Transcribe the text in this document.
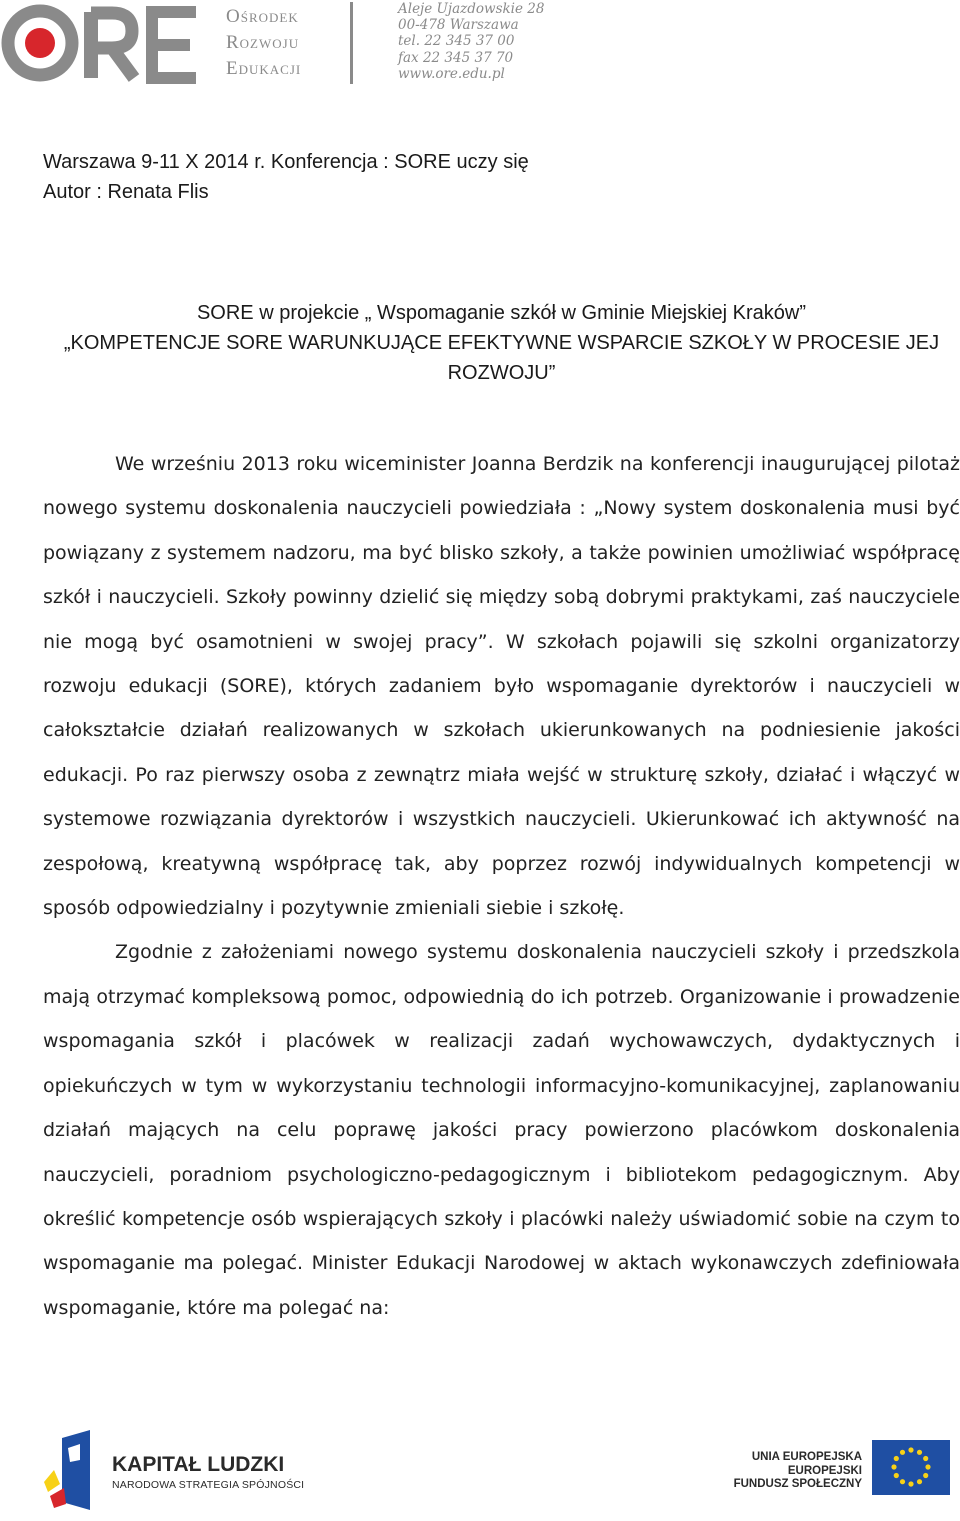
Ośrodek
Rozwoju
Edukacji
Aleje Ujazdowskie 28
00-478 Warszawa
tel. 22 345 37 00
fax 22 345 37 70
www.ore.edu.pl
Warszawa 9-11 X 2014 r. Konferencja : SORE uczy się
Autor : Renata Flis
SORE w projekcie „ Wspomaganie szkół w Gminie Miejskiej Kraków”
„KOMPETENCJE SORE WARUNKUJĄCE EFEKTYWNE WSPARCIE SZKOŁY W PROCESIE JEJ
ROZWOJU”

We wrześniu 2013 roku wiceminister Joanna Berdzik na konferencji inaugurującej pilotaż nowego systemu doskonalenia nauczycieli powiedziała : „Nowy system doskonalenia musi być powiązany z systemem nadzoru, ma być blisko szkoły, a także powinien umożliwiać współpracę szkół i nauczycieli. Szkoły powinny dzielić się między sobą dobrymi praktykami, zaś nauczyciele nie mogą być osamotnieni w swojej pracy”. W szkołach pojawili się szkolni organizatorzy rozwoju edukacji (SORE), których zadaniem było wspomaganie dyrektorów i nauczycieli w całokształcie działań realizowanych w szkołach ukierunkowanych na podniesienie jakości edukacji. Po raz pierwszy osoba z zewnątrz miała wejść w strukturę szkoły, działać i włączyć w systemowe rozwiązania dyrektorów i wszystkich nauczycieli. Ukierunkować ich aktywność na zespołową, kreatywną współpracę tak, aby poprzez rozwój indywidualnych kompetencji w sposób odpowiedzialny i pozytywnie zmieniali siebie i szkołę.

Zgodnie z założeniami nowego systemu doskonalenia nauczycieli szkoły i przedszkola mają otrzymać kompleksową pomoc, odpowiednią do ich potrzeb. Organizowanie i prowadzenie wspomagania szkół i placówek w realizacji zadań wychowawczych, dydaktycznych i opiekuńczych w tym w wykorzystaniu technologii informacyjno-komunikacyjnej, zaplanowaniu działań mających na celu poprawę jakości pracy powierzono placówkom doskonalenia nauczycieli, poradniom psychologiczno-pedagogicznym i bibliotekom pedagogicznym. Aby określić kompetencje osób wspierających szkoły i placówki należy uświadomić sobie na czym to wspomaganie ma polegać. Minister Edukacji Narodowej w aktach wykonawczych zdefiniowała wspomaganie, które ma polegać na:

KAPITAŁ LUDZKI
NARODOWA STRATEGIA SPÓJNOŚCI
UNIA EUROPEJSKA
EUROPEJSKI
FUNDUSZ SPOŁECZNY
